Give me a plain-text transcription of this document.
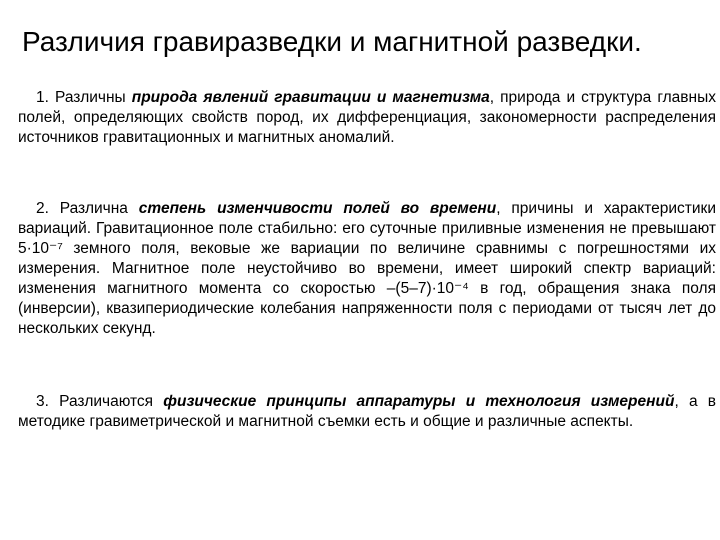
Различия гравиразведки и магнитной разведки.

1. Различны природа явлений гравитации и магнетизма, природа и структура главных полей, определяющих свойств пород, их дифференциация, закономерности распределения источников гравитационных и магнитных аномалий.

2. Различна степень изменчивости полей во времени, причины и характеристики вариаций. Гравитационное поле стабильно: его суточные приливные изменения не превышают 5·10⁻⁷ земного поля, вековые же вариации по величине сравнимы с погрешностями их измерения. Магнитное поле неустойчиво во времени, имеет широкий спектр вариаций: изменения магнитного момента со скоростью –(5–7)·10⁻⁴ в год, обращения знака поля (инверсии), квазипериодические колебания напряженности поля с периодами от тысяч лет до нескольких секунд.

3. Различаются физические принципы аппаратуры и технология измерений, а в методике гравиметрической и магнитной съемки есть и общие и различные аспекты.
